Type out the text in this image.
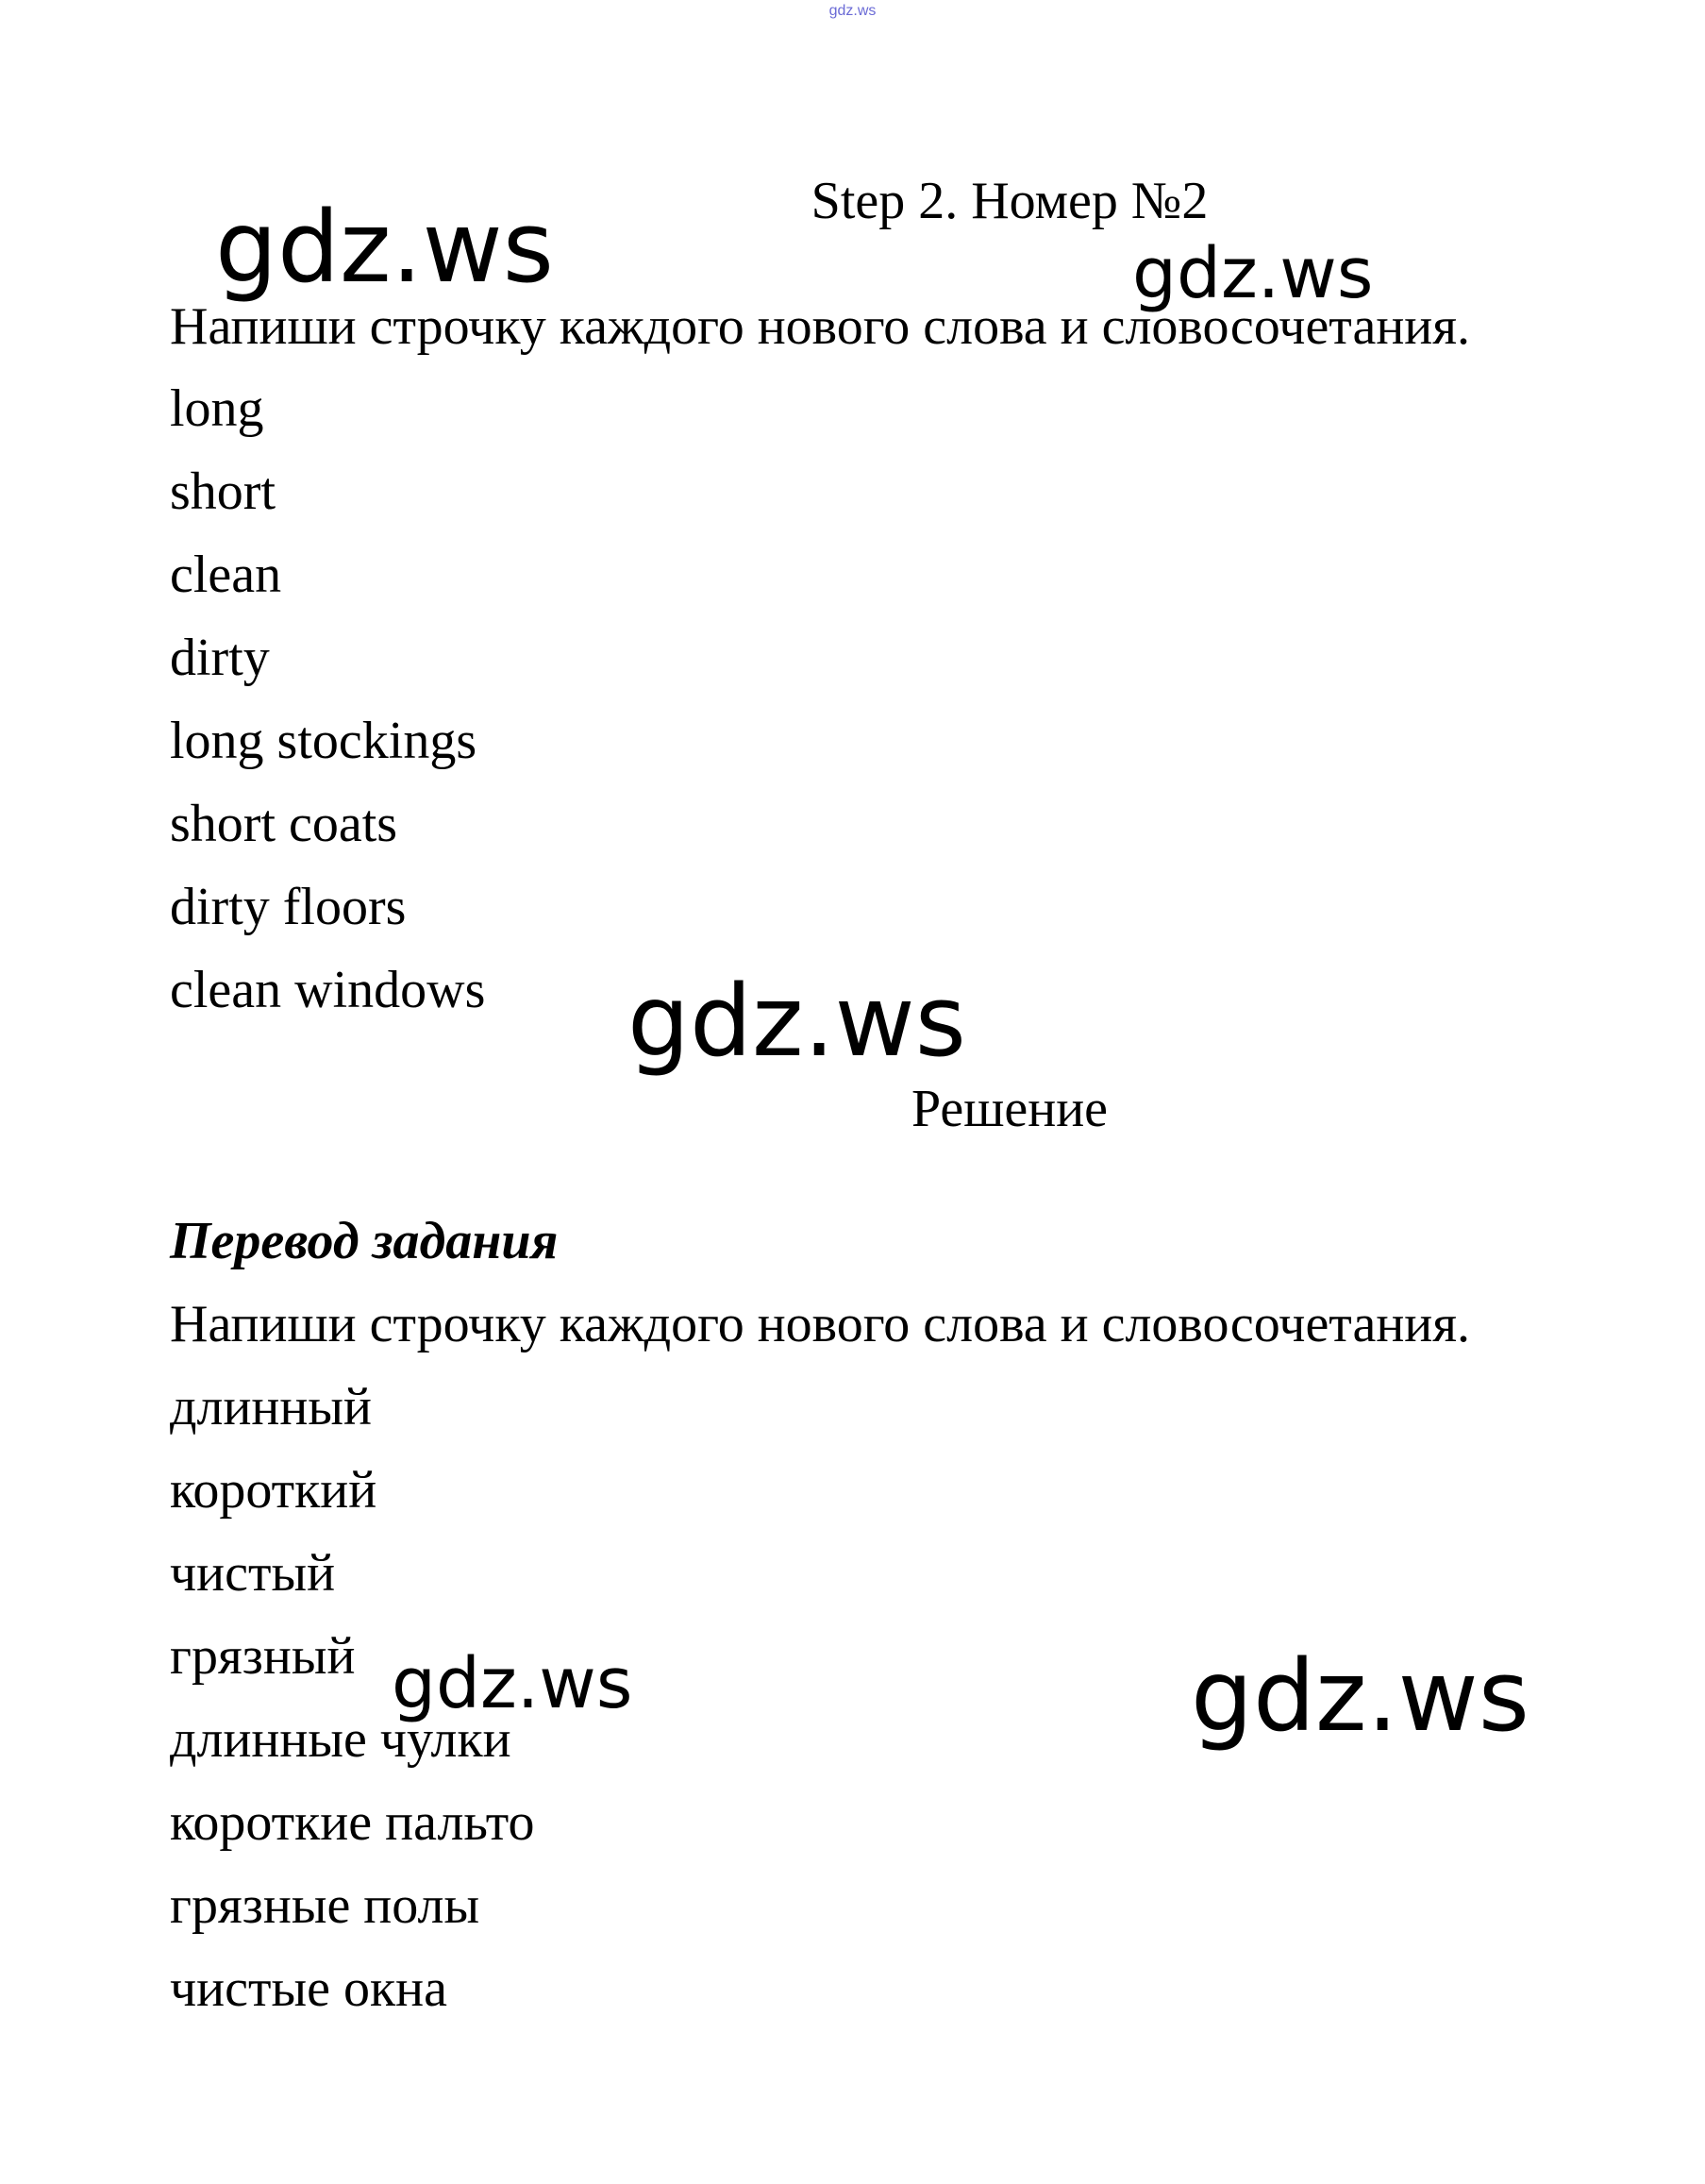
gdz.ws
Step 2. Номер №2
Напиши строчку каждого нового слова и словосочетания.
long
short
clean
dirty
long stockings
short coats
dirty floors
clean windows
Решение
Перевод задания
Напиши строчку каждого нового слова и словосочетания.
длинный
короткий
чистый
грязный
длинные чулки
короткие пальто
грязные полы
чистые окна
gdz.ws	gdz.ws
gdz.ws
gdz.ws	gdz.ws
